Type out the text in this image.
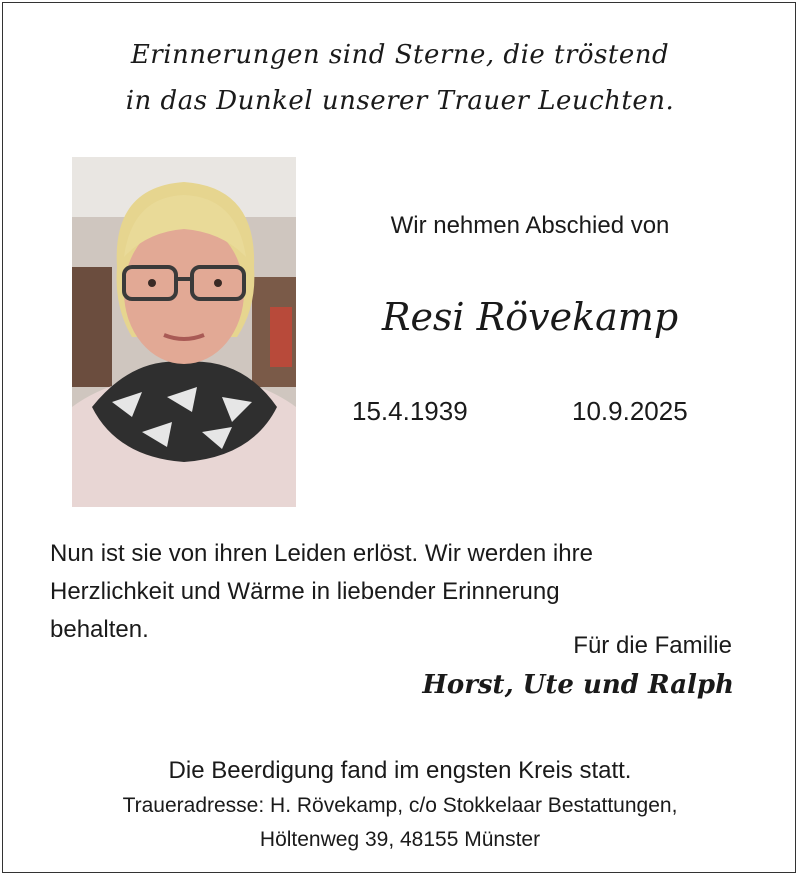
Erinnerungen sind Sterne, die tröstend
in das Dunkel unserer Trauer Leuchten.
Wir nehmen Abschied von
Resi Rövekamp
15.4.1939	10.9.2025
Nun ist sie von ihren Leiden erlöst. Wir werden ihre
Herzlichkeit und Wärme in liebender Erinnerung
behalten.
Für die Familie
Horst, Ute und Ralph
Die Beerdigung fand im engsten Kreis statt.
Traueradresse: H. Rövekamp, c/o Stokkelaar Bestattungen,
Höltenweg 39, 48155 Münster
